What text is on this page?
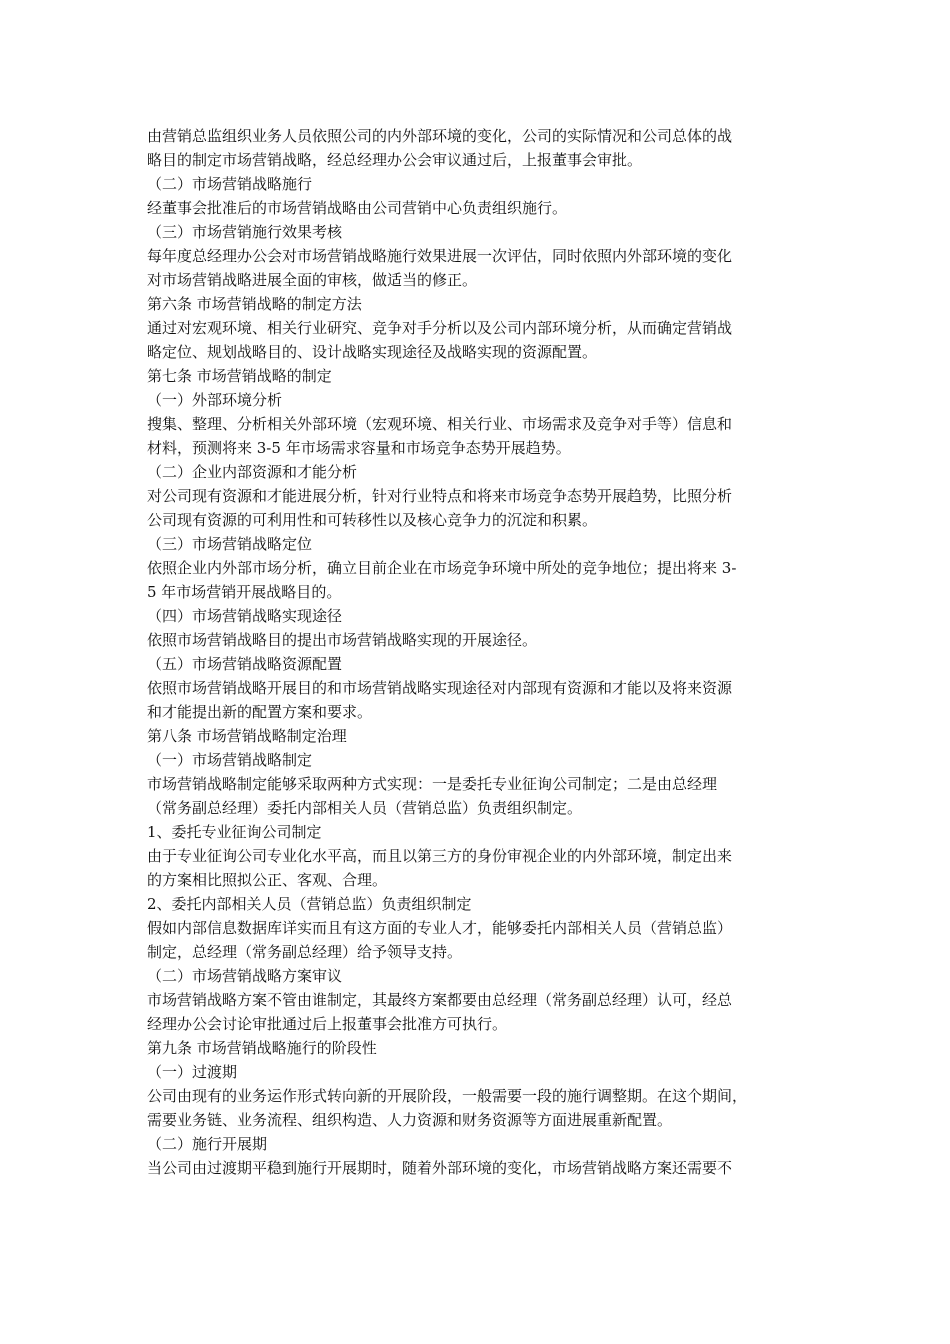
由营销总监组织业务人员依照公司的内外部环境的变化，公司的实际情况和公司总体的战
略目的制定市场营销战略，经总经理办公会审议通过后，上报董事会审批。
（二）市场营销战略施行
经董事会批准后的市场营销战略由公司营销中心负责组织施行。
（三）市场营销施行效果考核
每年度总经理办公会对市场营销战略施行效果进展一次评估，同时依照内外部环境的变化
对市场营销战略进展全面的审核，做适当的修正。
第六条 市场营销战略的制定方法
通过对宏观环境、相关行业研究、竞争对手分析以及公司内部环境分析，从而确定营销战
略定位、规划战略目的、设计战略实现途径及战略实现的资源配置。
第七条 市场营销战略的制定
（一）外部环境分析
搜集、整理、分析相关外部环境（宏观环境、相关行业、市场需求及竞争对手等）信息和
材料，预测将来 3-5 年市场需求容量和市场竞争态势开展趋势。
（二）企业内部资源和才能分析
对公司现有资源和才能进展分析，针对行业特点和将来市场竞争态势开展趋势，比照分析
公司现有资源的可利用性和可转移性以及核心竞争力的沉淀和积累。
（三）市场营销战略定位
依照企业内外部市场分析，确立目前企业在市场竞争环境中所处的竞争地位；提出将来 3-
5 年市场营销开展战略目的。
（四）市场营销战略实现途径
依照市场营销战略目的提出市场营销战略实现的开展途径。
（五）市场营销战略资源配置
依照市场营销战略开展目的和市场营销战略实现途径对内部现有资源和才能以及将来资源
和才能提出新的配置方案和要求。
第八条 市场营销战略制定治理
（一）市场营销战略制定
市场营销战略制定能够采取两种方式实现：一是委托专业征询公司制定；二是由总经理
（常务副总经理）委托内部相关人员（营销总监）负责组织制定。
1、委托专业征询公司制定
由于专业征询公司专业化水平高，而且以第三方的身份审视企业的内外部环境，制定出来
的方案相比照拟公正、客观、合理。
2、委托内部相关人员（营销总监）负责组织制定
假如内部信息数据库详实而且有这方面的专业人才，能够委托内部相关人员（营销总监）
制定，总经理（常务副总经理）给予领导支持。
（二）市场营销战略方案审议
市场营销战略方案不管由谁制定，其最终方案都要由总经理（常务副总经理）认可，经总
经理办公会讨论审批通过后上报董事会批准方可执行。
第九条 市场营销战略施行的阶段性
（一）过渡期
公司由现有的业务运作形式转向新的开展阶段，一般需要一段的施行调整期。在这个期间，
需要业务链、业务流程、组织构造、人力资源和财务资源等方面进展重新配置。
（二）施行开展期
当公司由过渡期平稳到施行开展期时，随着外部环境的变化，市场营销战略方案还需要不
